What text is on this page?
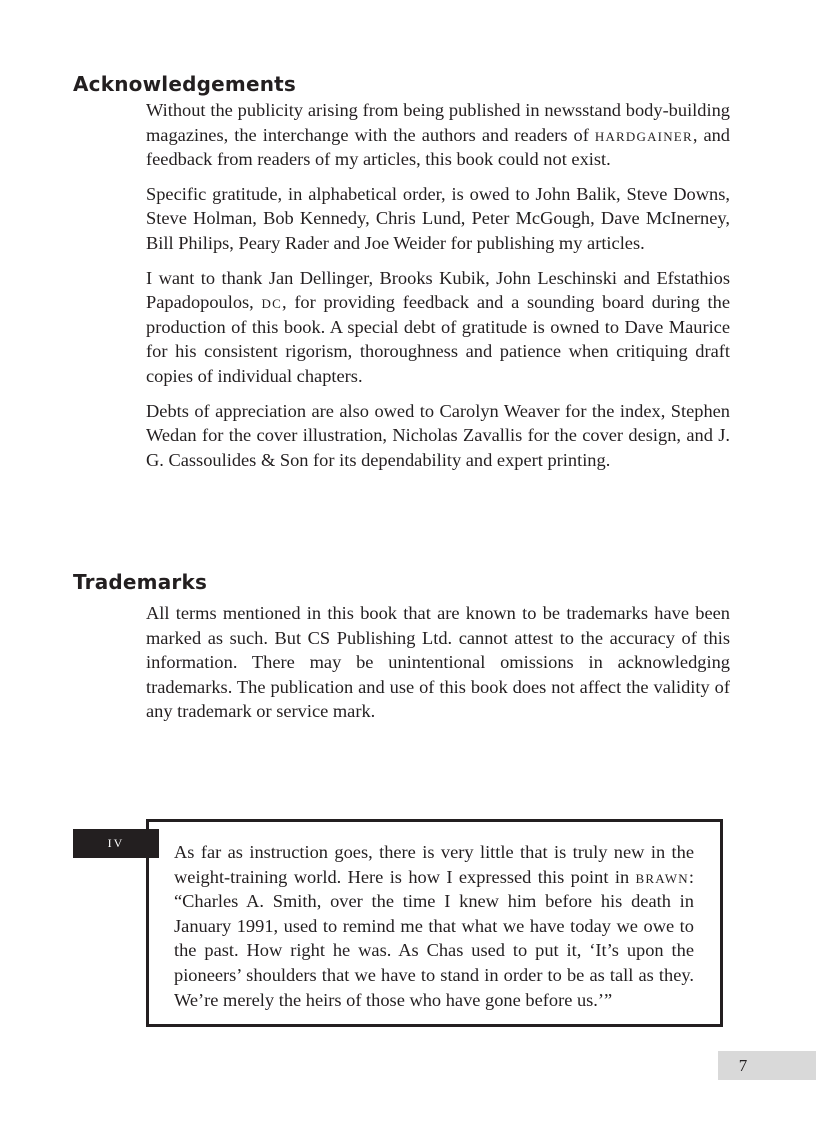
Acknowledgements

Without the publicity arising from being published in newsstand body-building magazines, the interchange with the authors and readers of hardgainer, and feedback from readers of my articles, this book could not exist.

Specific gratitude, in alphabetical order, is owed to John Balik, Steve Downs, Steve Holman, Bob Kennedy, Chris Lund, Peter McGough, Dave McInerney, Bill Philips, Peary Rader and Joe Weider for publishing my articles.

I want to thank Jan Dellinger, Brooks Kubik, John Leschinski and Efstathios Papadopoulos, dc, for providing feedback and a sounding board during the production of this book. A special debt of gratitude is owned to Dave Maurice for his consistent rigorism, thoroughness and patience when critiquing draft copies of individual chapters.

Debts of appreciation are also owed to Carolyn Weaver for the index, Stephen Wedan for the cover illustration, Nicholas Zavallis for the cover design, and J. G. Cassoulides & Son for its dependability and expert printing.

Trademarks

All terms mentioned in this book that are known to be trademarks have been marked as such. But CS Publishing Ltd. cannot attest to the accuracy of this information. There may be unintentional omissions in acknowledging trademarks. The publication and use of this book does not affect the validity of any trademark or service mark.

IV	As far as instruction goes, there is very little that is truly new in the weight-training world. Here is how I expressed this point in brawn: “Charles A. Smith, over the time I knew him before his death in January 1991, used to remind me that what we have today we owe to the past. How right he was. As Chas used to put it, ‘It’s upon the pioneers’ shoulders that we have to stand in order to be as tall as they. We’re merely the heirs of those who have gone before us.’”

7
